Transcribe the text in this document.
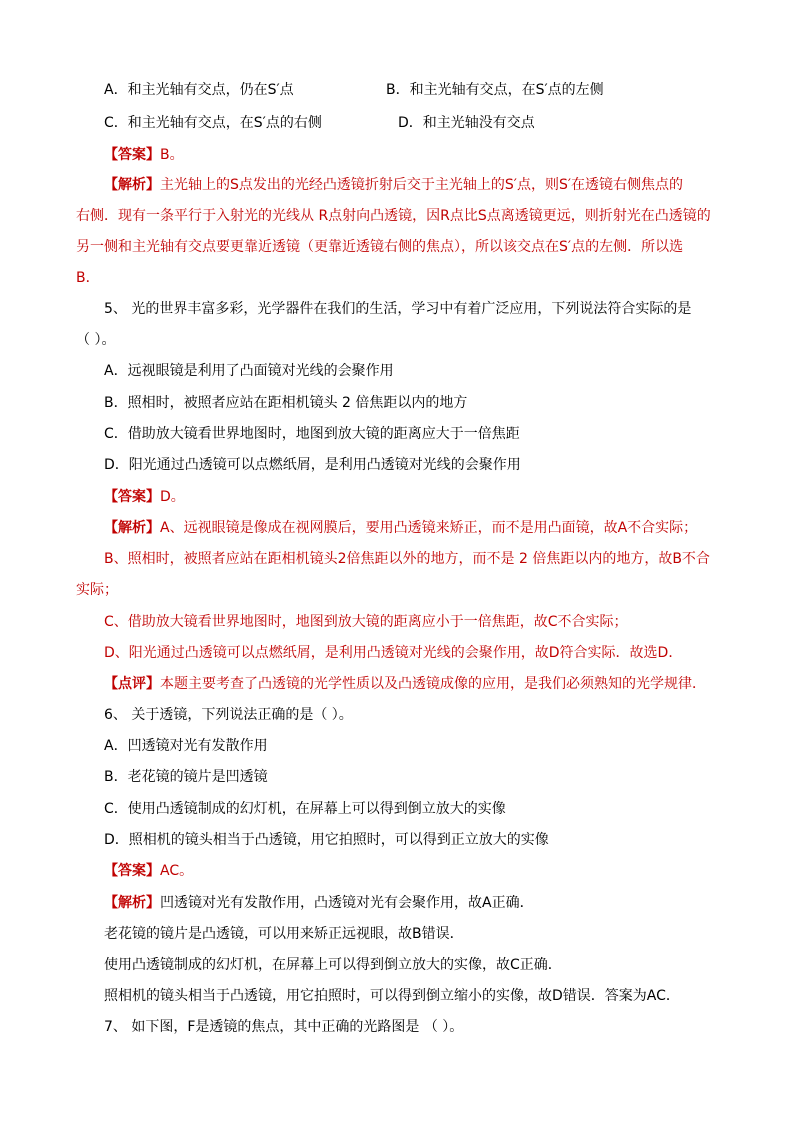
A．和主光轴有交点，仍在S′点	B．和主光轴有交点，在S′点的左侧
C．和主光轴有交点，在S′点的右侧	D．和主光轴没有交点
【答案】B。
【解析】主光轴上的S点发出的光经凸透镜折射后交于主光轴上的S′点，则S′在透镜右侧焦点的
右侧．现有一条平行于入射光的光线从 R点射向凸透镜，因R点比S点离透镜更远，则折射光在凸透镜的
另一侧和主光轴有交点要更靠近透镜（更靠近透镜右侧的焦点），所以该交点在S′点的左侧．所以选
B．
5、 光的世界丰富多彩，光学器件在我们的生活，学习中有着广泛应用，下列说法符合实际的是
（ ）。
A．远视眼镜是利用了凸面镜对光线的会聚作用
B．照相时，被照者应站在距相机镜头 2 倍焦距以内的地方
C．借助放大镜看世界地图时，地图到放大镜的距离应大于一倍焦距
D．阳光通过凸透镜可以点燃纸屑，是利用凸透镜对光线的会聚作用
【答案】D。
【解析】A、远视眼镜是像成在视网膜后，要用凸透镜来矫正，而不是用凸面镜，故A不合实际；
B、照相时，被照者应站在距相机镜头2倍焦距以外的地方，而不是 2 倍焦距以内的地方，故B不合
实际；
C、借助放大镜看世界地图时，地图到放大镜的距离应小于一倍焦距，故C不合实际；
D、阳光通过凸透镜可以点燃纸屑，是利用凸透镜对光线的会聚作用，故D符合实际．故选D．
【点评】本题主要考查了凸透镜的光学性质以及凸透镜成像的应用，是我们必须熟知的光学规律．
6、 关于透镜，下列说法正确的是（ ）。
A．凹透镜对光有发散作用
B．老花镜的镜片是凹透镜
C．使用凸透镜制成的幻灯机，在屏幕上可以得到倒立放大的实像
D．照相机的镜头相当于凸透镜，用它拍照时，可以得到正立放大的实像
【答案】AC。
【解析】凹透镜对光有发散作用，凸透镜对光有会聚作用，故A正确．
老花镜的镜片是凸透镜，可以用来矫正远视眼，故B错误．
使用凸透镜制成的幻灯机，在屏幕上可以得到倒立放大的实像，故C正确．
照相机的镜头相当于凸透镜，用它拍照时，可以得到倒立缩小的实像，故D错误．答案为AC．
7、 如下图，F是透镜的焦点，其中正确的光路图是 （ ）。
